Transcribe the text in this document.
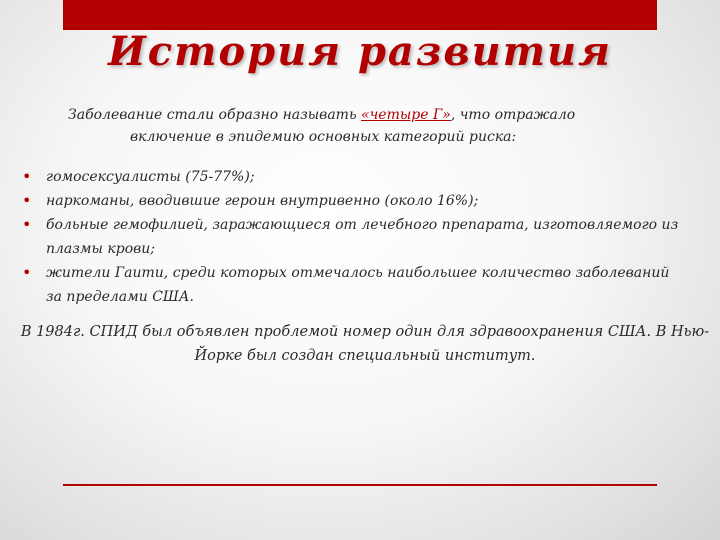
История развития

Заболевание стали образно называть «четыре Г», что отражало
включение в эпидемию основных категорий риска:

• гомосексуалисты (75-77%);
• наркоманы, вводившие героин внутривенно (около 16%);
• больные гемофилией, заражающиеся от лечебного препарата, изготовляемого из плазмы крови;
• жители Гаити, среди которых отмечалось наибольшее количество заболеваний за пределами США.

В 1984г. СПИД был объявлен проблемой номер один для здравоохранения США. В Нью-Йорке был создан специальный институт.
